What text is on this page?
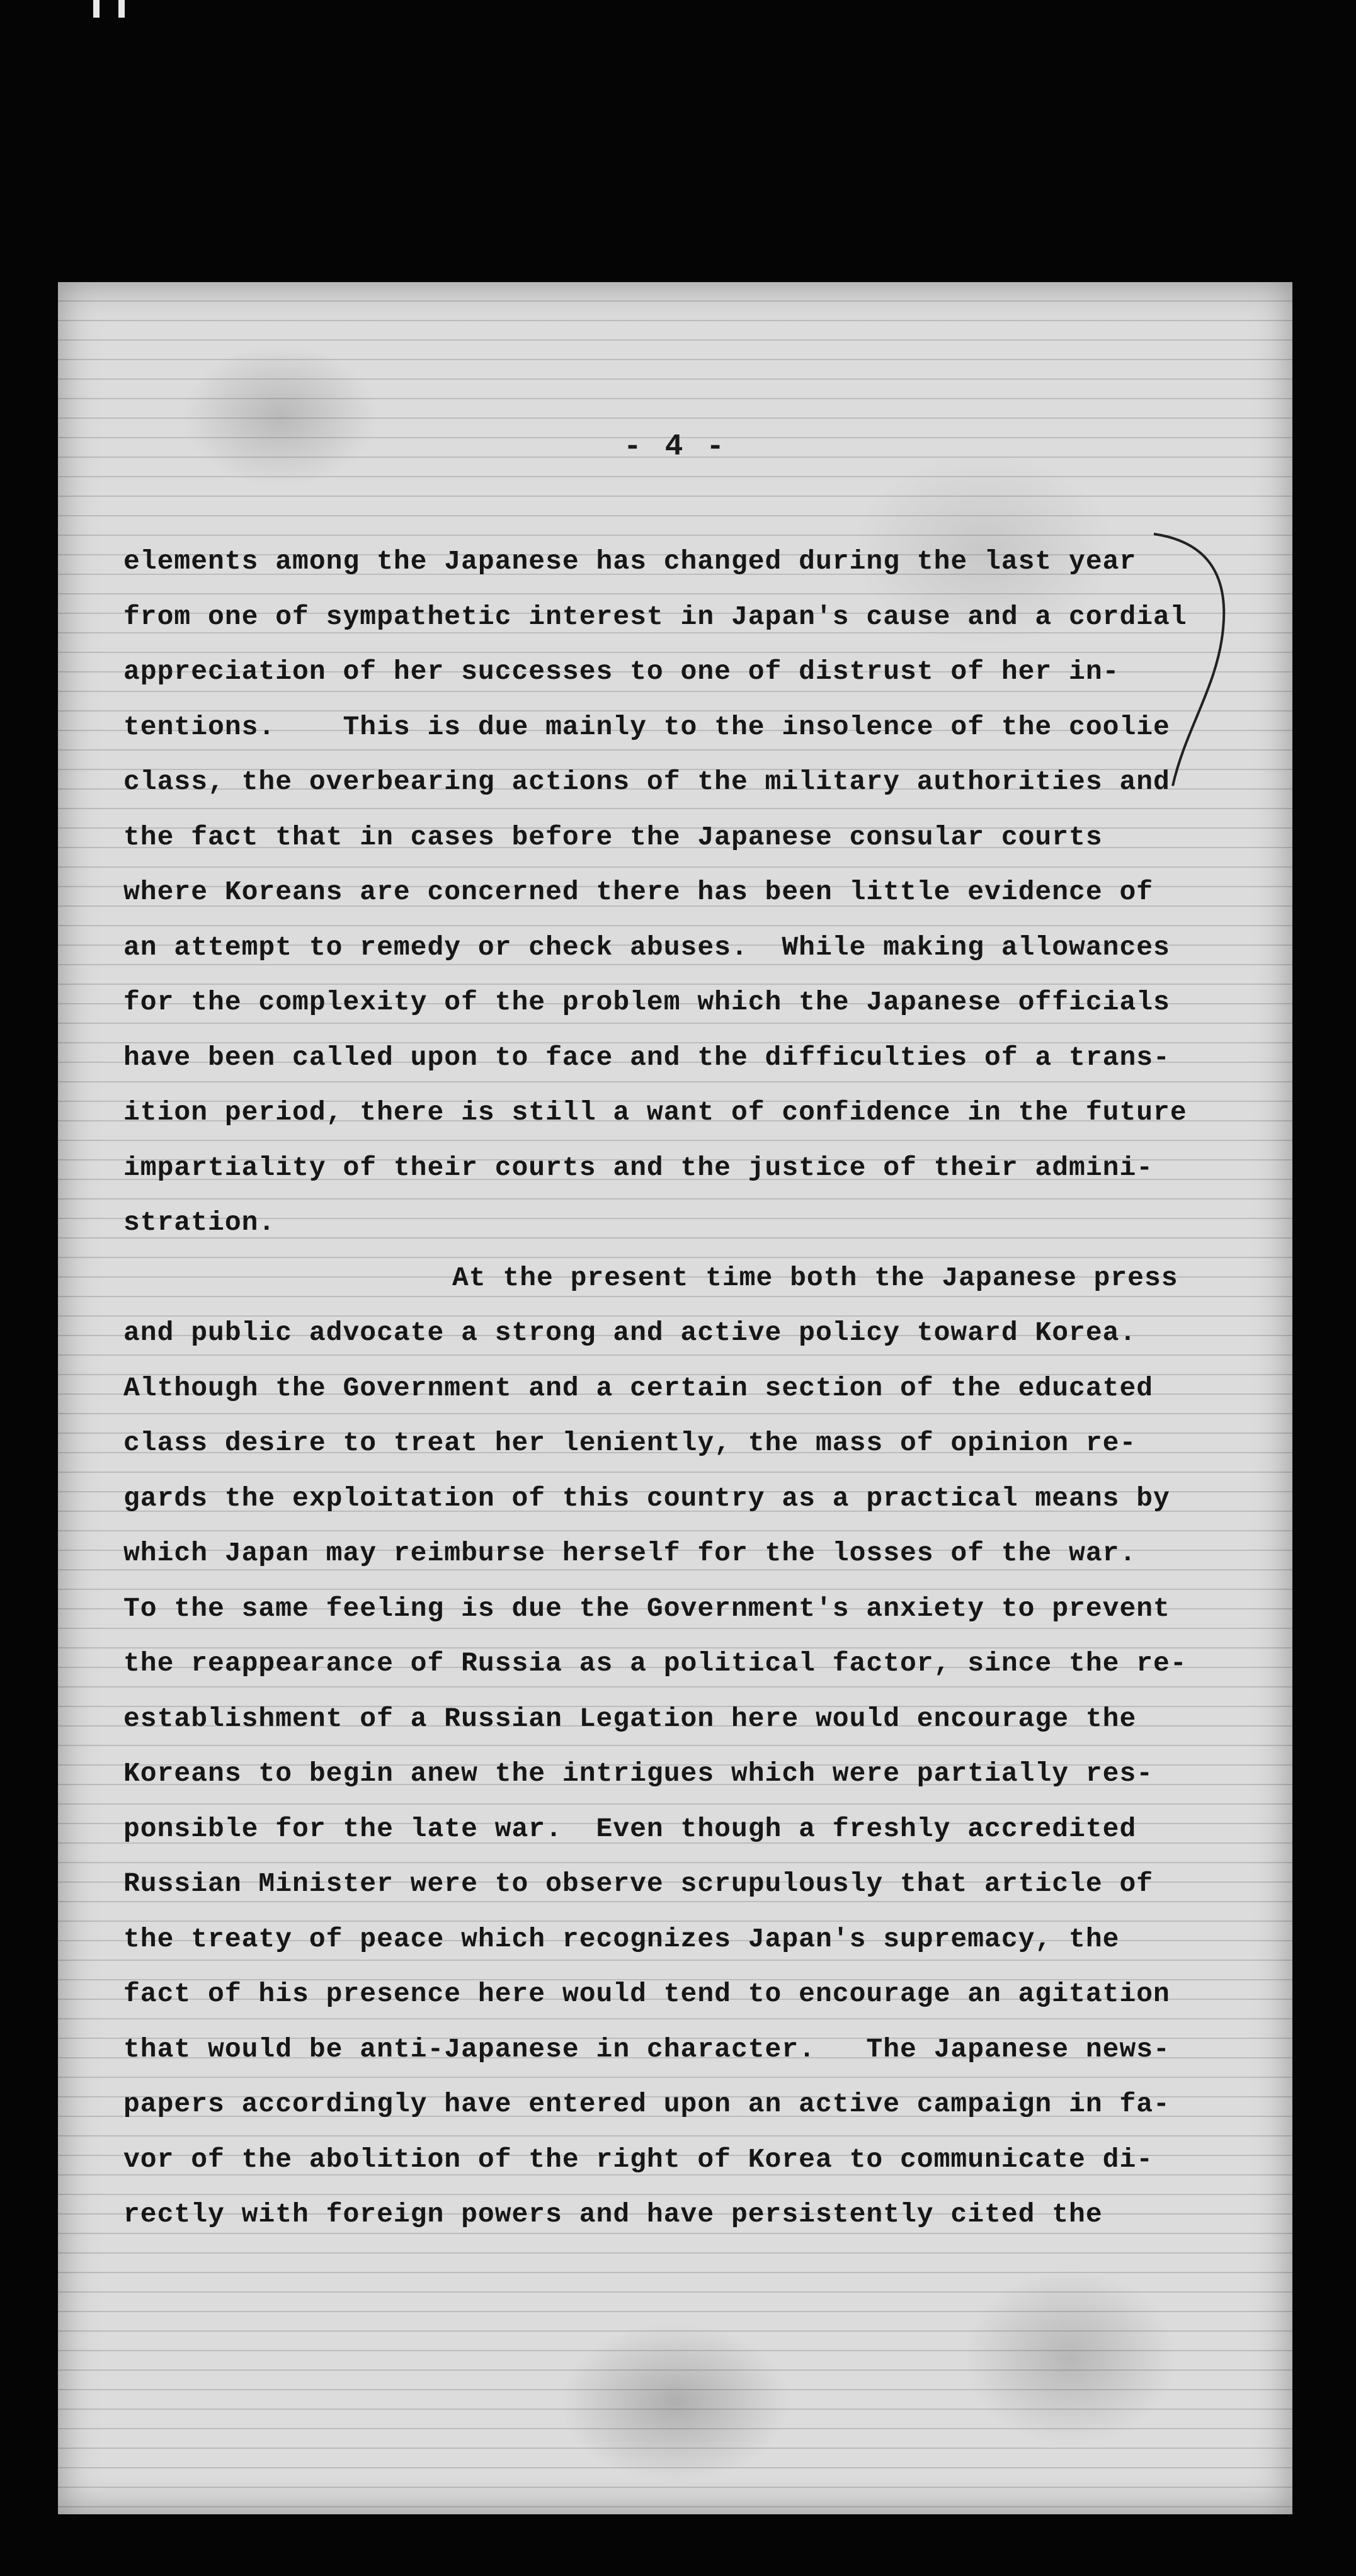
- 4 -
elements among the Japanese has changed during the last year
from one of sympathetic interest in Japan's cause and a cordial
appreciation of her successes to one of distrust of her in-
tentions.    This is due mainly to the insolence of the coolie
class, the overbearing actions of the military authorities and
the fact that in cases before the Japanese consular courts
where Koreans are concerned there has been little evidence of
an attempt to remedy or check abuses.  While making allowances
for the complexity of the problem which the Japanese officials
have been called upon to face and the difficulties of a trans-
ition period, there is still a want of confidence in the future
impartiality of their courts and the justice of their admini-
stration.
At the present time both the Japanese press
and public advocate a strong and active policy toward Korea.
Although the Government and a certain section of the educated
class desire to treat her leniently, the mass of opinion re-
gards the exploitation of this country as a practical means by
which Japan may reimburse herself for the losses of the war.
To the same feeling is due the Government's anxiety to prevent
the reappearance of Russia as a political factor, since the re-
establishment of a Russian Legation here would encourage the
Koreans to begin anew the intrigues which were partially res-
ponsible for the late war.  Even though a freshly accredited
Russian Minister were to observe scrupulously that article of
the treaty of peace which recognizes Japan's supremacy, the
fact of his presence here would tend to encourage an agitation
that would be anti-Japanese in character.   The Japanese news-
papers accordingly have entered upon an active campaign in fa-
vor of the abolition of the right of Korea to communicate di-
rectly with foreign powers and have persistently cited the
